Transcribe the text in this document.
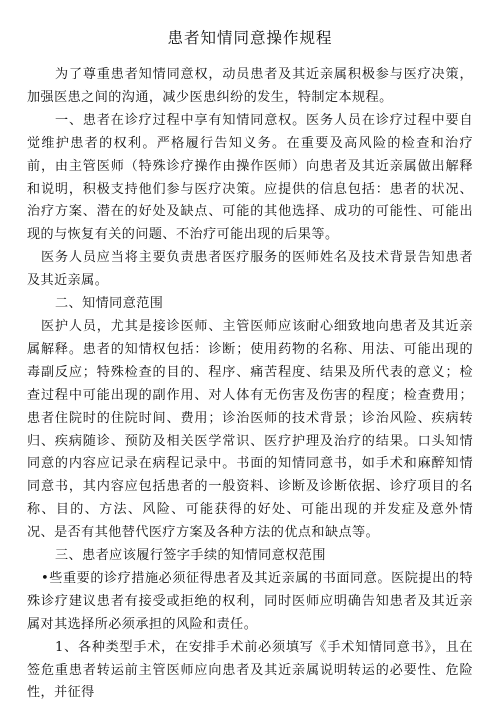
患者知情同意操作规程

为了尊重患者知情同意权，动员患者及其近亲属积极参与医疗决策，加强医患之间的沟通，减少医患纠纷的发生，特制定本规程。

一、患者在诊疗过程中享有知情同意权。医务人员在诊疗过程中要自觉维护患者的权利。严格履行告知义务。在重要及高风险的检查和治疗前，由主管医师（特殊诊疗操作由操作医师）向患者及其近亲属做出解释和说明，积极支持他们参与医疗决策。应提供的信息包括：患者的状况、治疗方案、潜在的好处及缺点、可能的其他选择、成功的可能性、可能出现的与恢复有关的问题、不治疗可能出现的后果等。

医务人员应当将主要负责患者医疗服务的医师姓名及技术背景告知患者及其近亲属。

二、知情同意范围

医护人员，尤其是接诊医师、主管医师应该耐心细致地向患者及其近亲属解释。患者的知情权包括：诊断；使用药物的名称、用法、可能出现的毒副反应；特殊检查的目的、程序、痛苦程度、结果及所代表的意义；检查过程中可能出现的副作用、对人体有无伤害及伤害的程度；检查费用；患者住院时的住院时间、费用；诊治医师的技术背景；诊治风险、疾病转归、疾病随诊、预防及相关医学常识、医疗护理及治疗的结果。口头知情同意的内容应记录在病程记录中。书面的知情同意书，如手术和麻醉知情同意书，其内容应包括患者的一般资料、诊断及诊断依据、诊疗项目的名称、目的、方法、风险、可能获得的好处、可能出现的并发症及意外情况、是否有其他替代医疗方案及各种方法的优点和缺点等。

三、患者应该履行签字手续的知情同意权范围

•些重要的诊疗措施必须征得患者及其近亲属的书面同意。医院提出的特殊诊疗建议患者有接受或拒绝的权利，同时医师应明确告知患者及其近亲属对其选择所必须承担的风险和责任。

1、各种类型手术，在安排手术前必须填写《手术知情同意书》，且在签危重患者转运前主管医师应向患者及其近亲属说明转运的必要性、危险性，并征得
